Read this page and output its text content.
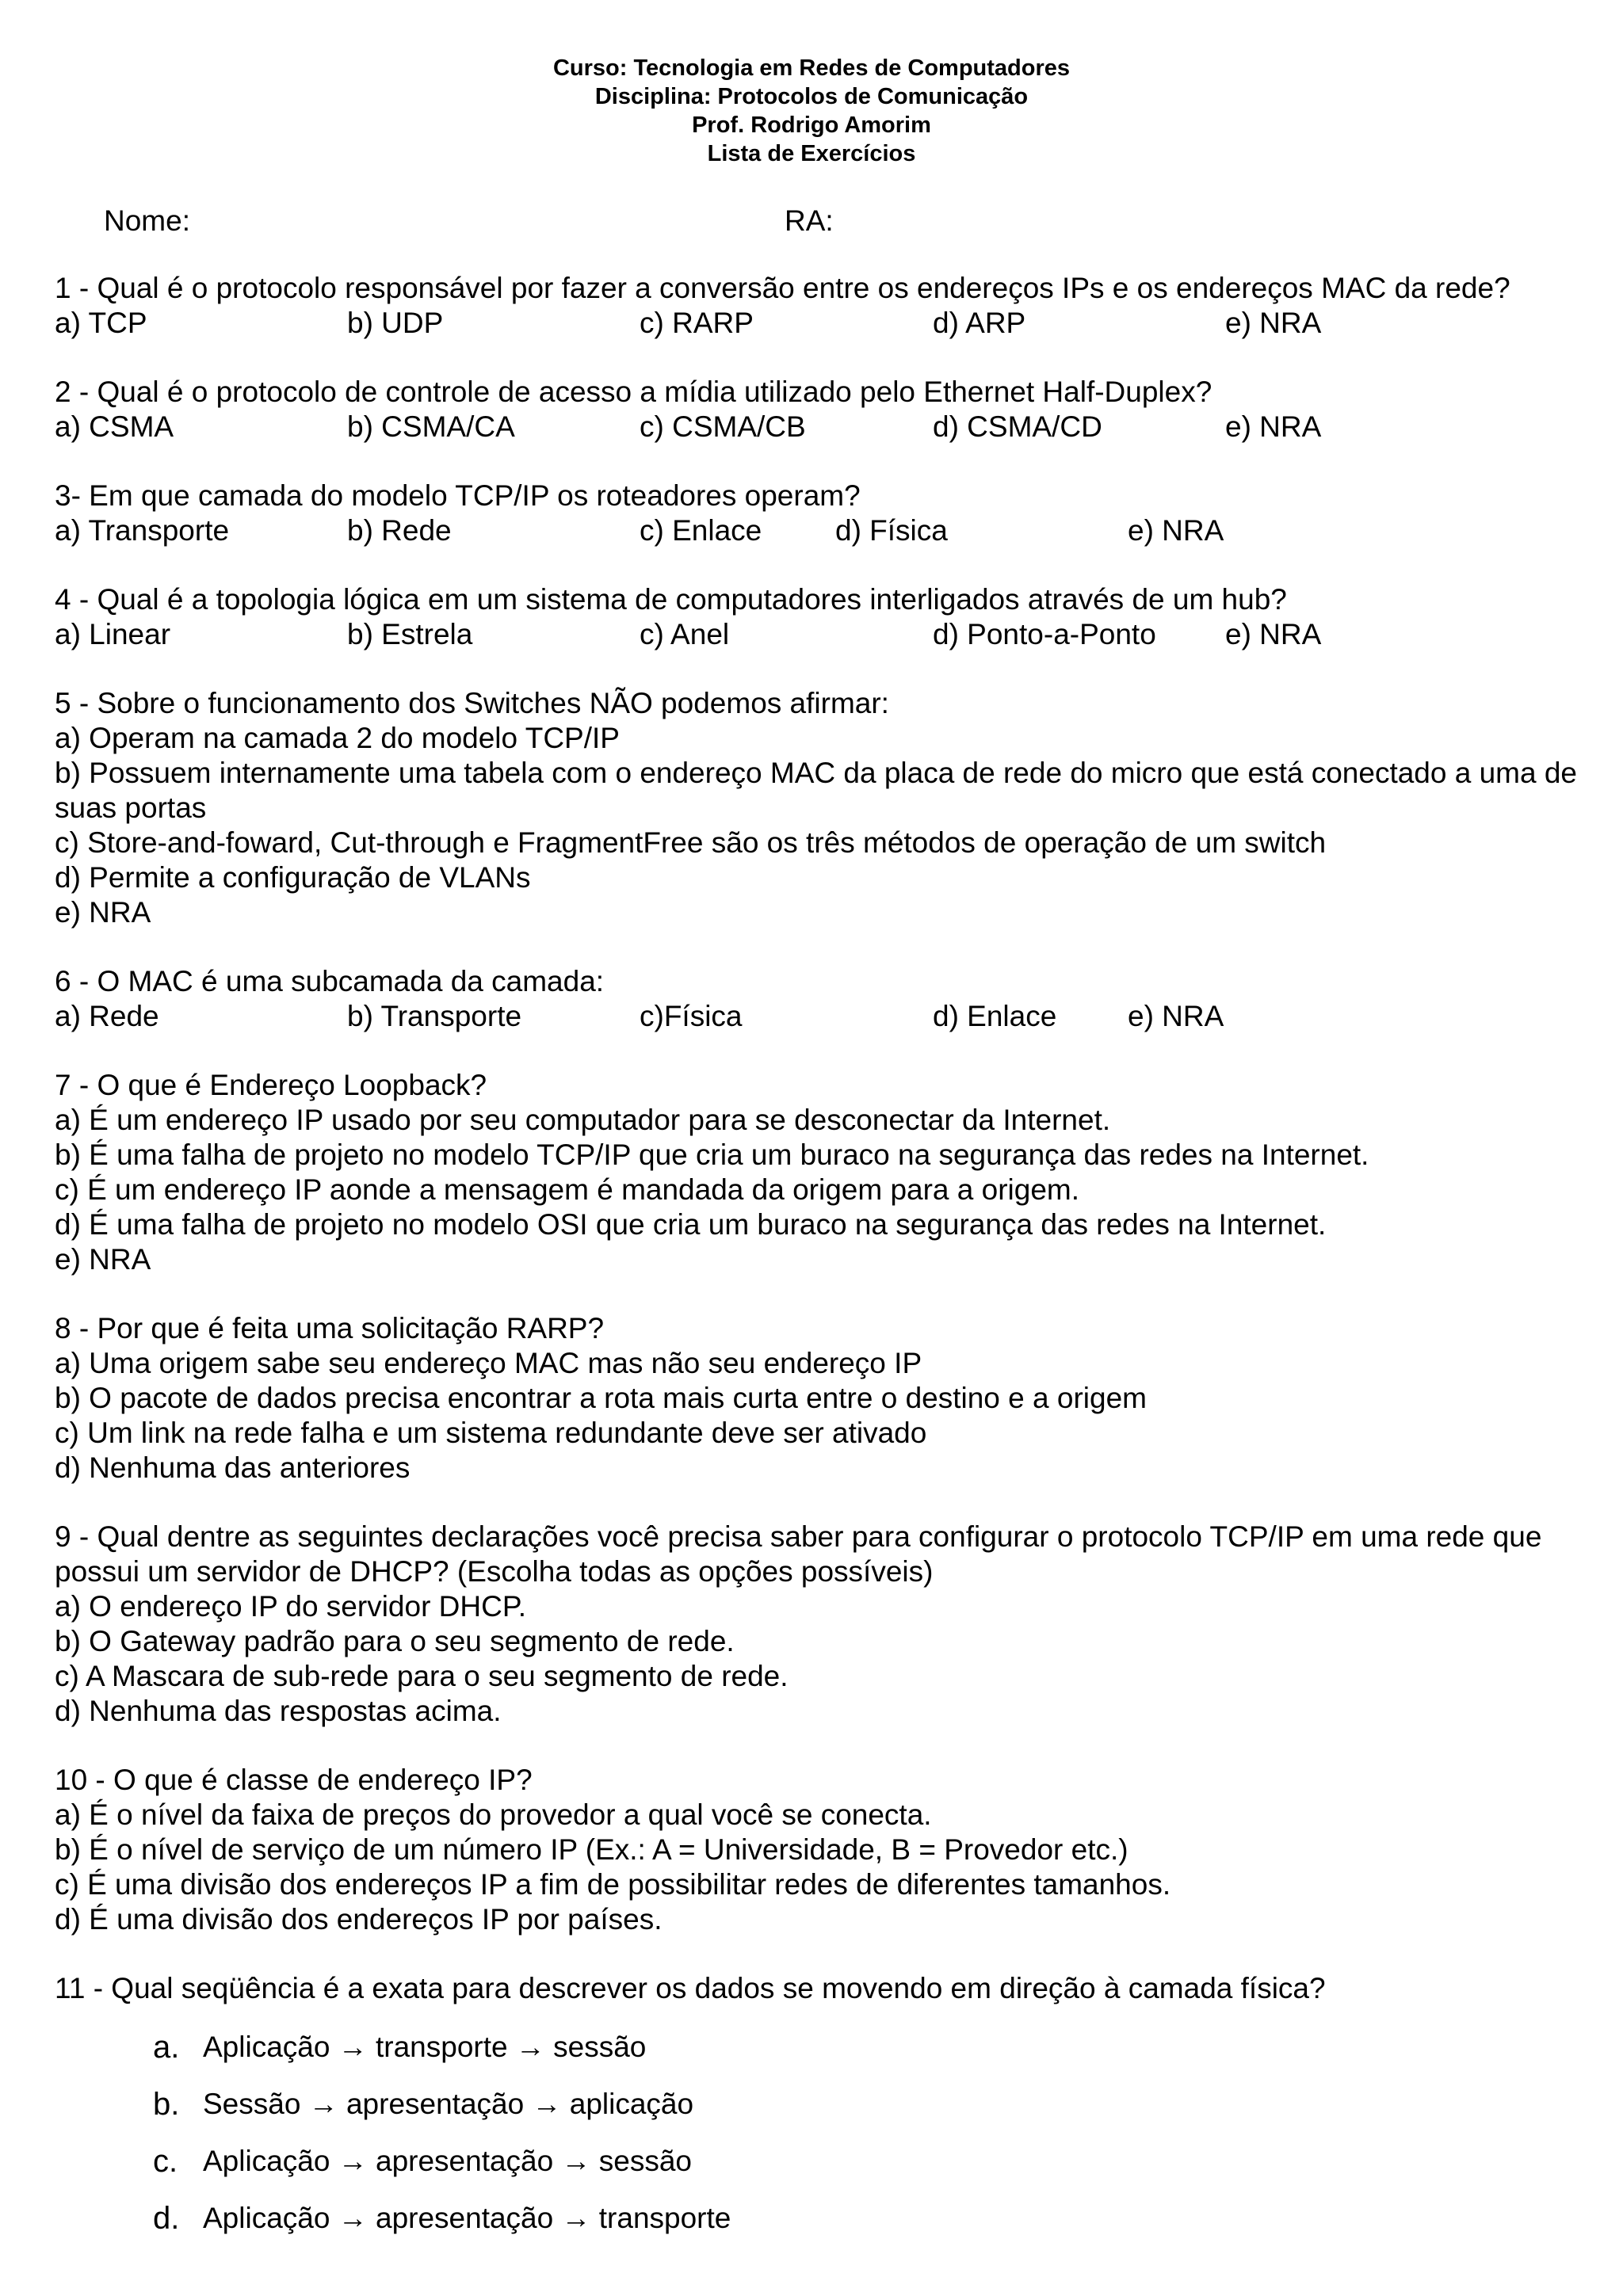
Curso: Tecnologia em Redes de Computadores
Disciplina: Protocolos de Comunicação
Prof. Rodrigo Amorim
Lista de Exercícios
Nome:	RA:
1 - Qual é o protocolo responsável por fazer a conversão entre os endereços IPs e os endereços MAC da rede?
a) TCP	b) UDP	c) RARP	d) ARP	e) NRA
2 - Qual é o protocolo de controle de acesso a mídia utilizado pelo Ethernet Half-Duplex?
a) CSMA	b) CSMA/CA	c) CSMA/CB	d) CSMA/CD	e) NRA
3- Em que camada do modelo TCP/IP os roteadores operam?
a) Transporte	b) Rede	c) Enlace	d) Física	e) NRA
4 - Qual é a topologia lógica em um sistema de computadores interligados através de um hub?
a) Linear	b) Estrela	c) Anel	d) Ponto-a-Ponto e) NRA
5 - Sobre o funcionamento dos Switches NÃO podemos afirmar:
a) Operam na camada 2 do modelo TCP/IP
b) Possuem internamente uma tabela com o endereço MAC da placa de rede do micro que está conectado a uma de suas portas
c) Store-and-foward, Cut-through e FragmentFree são os três métodos de operação de um switch
d) Permite a configuração de VLANs
e) NRA
6 - O MAC é uma subcamada da camada:
a) Rede	b) Transporte	c)Física	d) Enlace e) NRA
7 - O que é Endereço Loopback?
a) É um endereço IP usado por seu computador para se desconectar da Internet.
b) É uma falha de projeto no modelo TCP/IP que cria um buraco na segurança das redes na Internet.
c) É um endereço IP aonde a mensagem é mandada da origem para a origem.
d) É uma falha de projeto no modelo OSI que cria um buraco na segurança das redes na Internet.
e) NRA
8 - Por que é feita uma solicitação RARP?
a) Uma origem sabe seu endereço MAC mas não seu endereço IP
b) O pacote de dados precisa encontrar a rota mais curta entre o destino e a origem
c) Um link na rede falha e um sistema redundante deve ser ativado
d) Nenhuma das anteriores
9 - Qual dentre as seguintes declarações você precisa saber para configurar o protocolo TCP/IP em uma rede que possui um servidor de DHCP? (Escolha todas as opções possíveis)
a) O endereço IP do servidor DHCP.
b) O Gateway padrão para o seu segmento de rede.
c) A Mascara de sub-rede para o seu segmento de rede.
d) Nenhuma das respostas acima.
10 - O que é classe de endereço IP?
a) É o nível da faixa de preços do provedor a qual você se conecta.
b) É o nível de serviço de um número IP (Ex.: A = Universidade, B = Provedor etc.)
c) É uma divisão dos endereços IP a fim de possibilitar redes de diferentes tamanhos.
d) É uma divisão dos endereços IP por países.
11 - Qual seqüência é a exata para descrever os dados se movendo em direção à camada física?
a. Aplicação → transporte → sessão
b. Sessão → apresentação → aplicação
c. Aplicação → apresentação → sessão
d. Aplicação → apresentação → transporte
